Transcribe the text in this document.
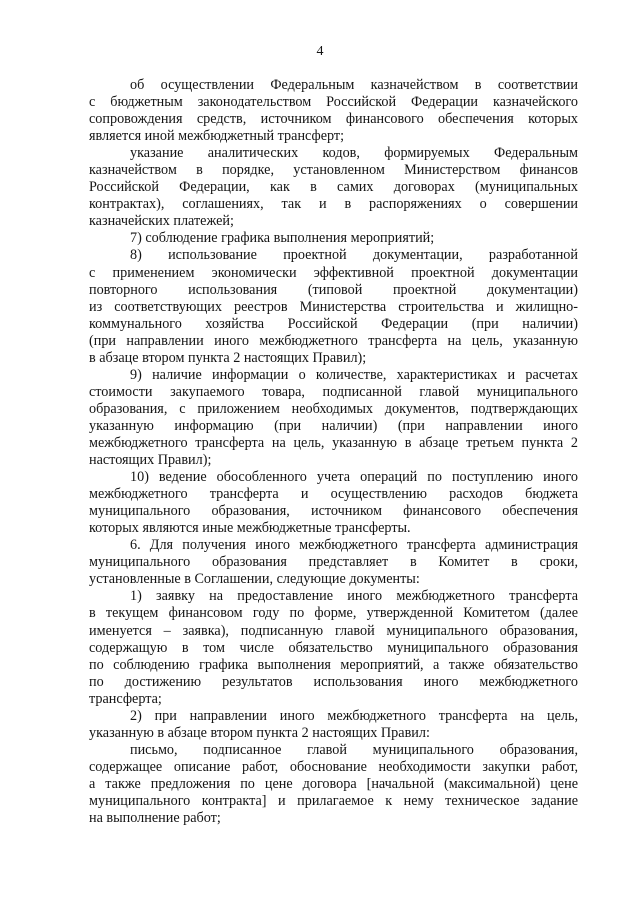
4
об осуществлении Федеральным казначейством в соответствии
с бюджетным законодательством Российской Федерации казначейского
сопровождения средств, источником финансового обеспечения которых
является иной межбюджетный трансферт;
указание аналитических кодов, формируемых Федеральным
казначейством в порядке, установленном Министерством финансов
Российской Федерации, как в самих договорах (муниципальных
контрактах), соглашениях, так и в распоряжениях о совершении
казначейских платежей;
7) соблюдение графика выполнения мероприятий;
8) использование проектной документации, разработанной
с применением экономически эффективной проектной документации
повторного использования (типовой проектной документации)
из соответствующих реестров Министерства строительства и жилищно-
коммунального хозяйства Российской Федерации (при наличии)
(при направлении иного межбюджетного трансферта на цель, указанную
в абзаце втором пункта 2 настоящих Правил);
9) наличие информации о количестве, характеристиках и расчетах
стоимости закупаемого товара, подписанной главой муниципального
образования, с приложением необходимых документов, подтверждающих
указанную информацию (при наличии) (при направлении иного
межбюджетного трансферта на цель, указанную в абзаце третьем пункта 2
настоящих Правил);
10) ведение обособленного учета операций по поступлению иного
межбюджетного трансферта и осуществлению расходов бюджета
муниципального образования, источником финансового обеспечения
которых являются иные межбюджетные трансферты.
6. Для получения иного межбюджетного трансферта администрация
муниципального образования представляет в Комитет в сроки,
установленные в Соглашении, следующие документы:
1) заявку на предоставление иного межбюджетного трансферта
в текущем финансовом году по форме, утвержденной Комитетом (далее
именуется – заявка), подписанную главой муниципального образования,
содержащую в том числе обязательство муниципального образования
по соблюдению графика выполнения мероприятий, а также обязательство
по достижению результатов использования иного межбюджетного
трансферта;
2) при направлении иного межбюджетного трансферта на цель,
указанную в абзаце втором пункта 2 настоящих Правил:
письмо, подписанное главой муниципального образования,
содержащее описание работ, обоснование необходимости закупки работ,
а также предложения по цене договора [начальной (максимальной) цене
муниципального контракта] и прилагаемое к нему техническое задание
на выполнение работ;
